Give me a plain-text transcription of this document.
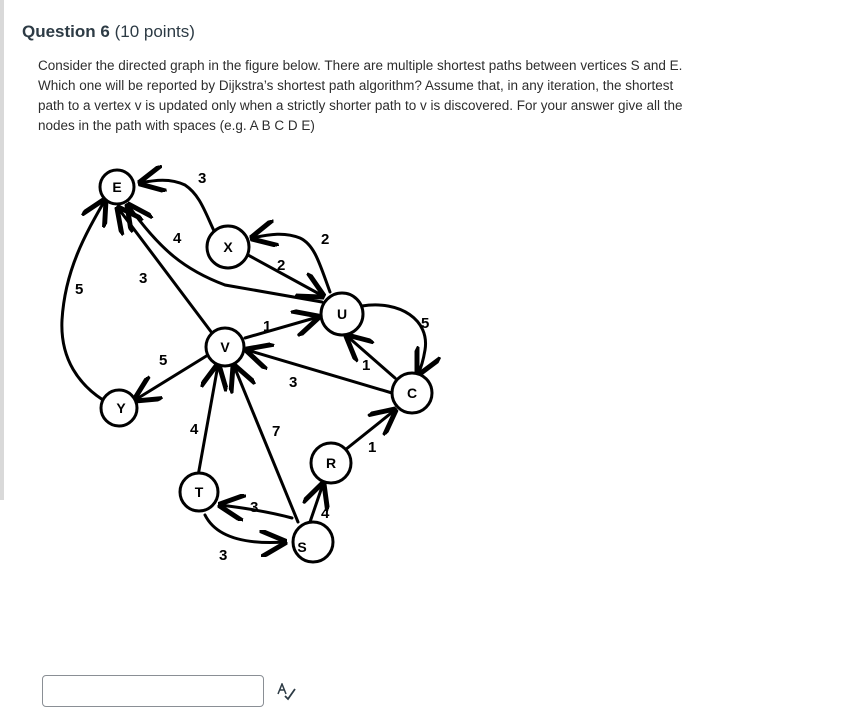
Question 6 (10 points)
Consider the directed graph in the figure below. There are multiple shortest paths between vertices S and E. Which one will be reported by Dijkstra’s shortest path algorithm? Assume that, in any iteration, the shortest path to a vertex v is updated only when a strictly shorter path to v is discovered. For your answer give all the nodes in the path with spaces (e.g. A B C D E)
E
X
U
V
Y
C
R
T
S
3
3
4
5
2
2
1
5
3
1
5
4	7
3
3
4
1
